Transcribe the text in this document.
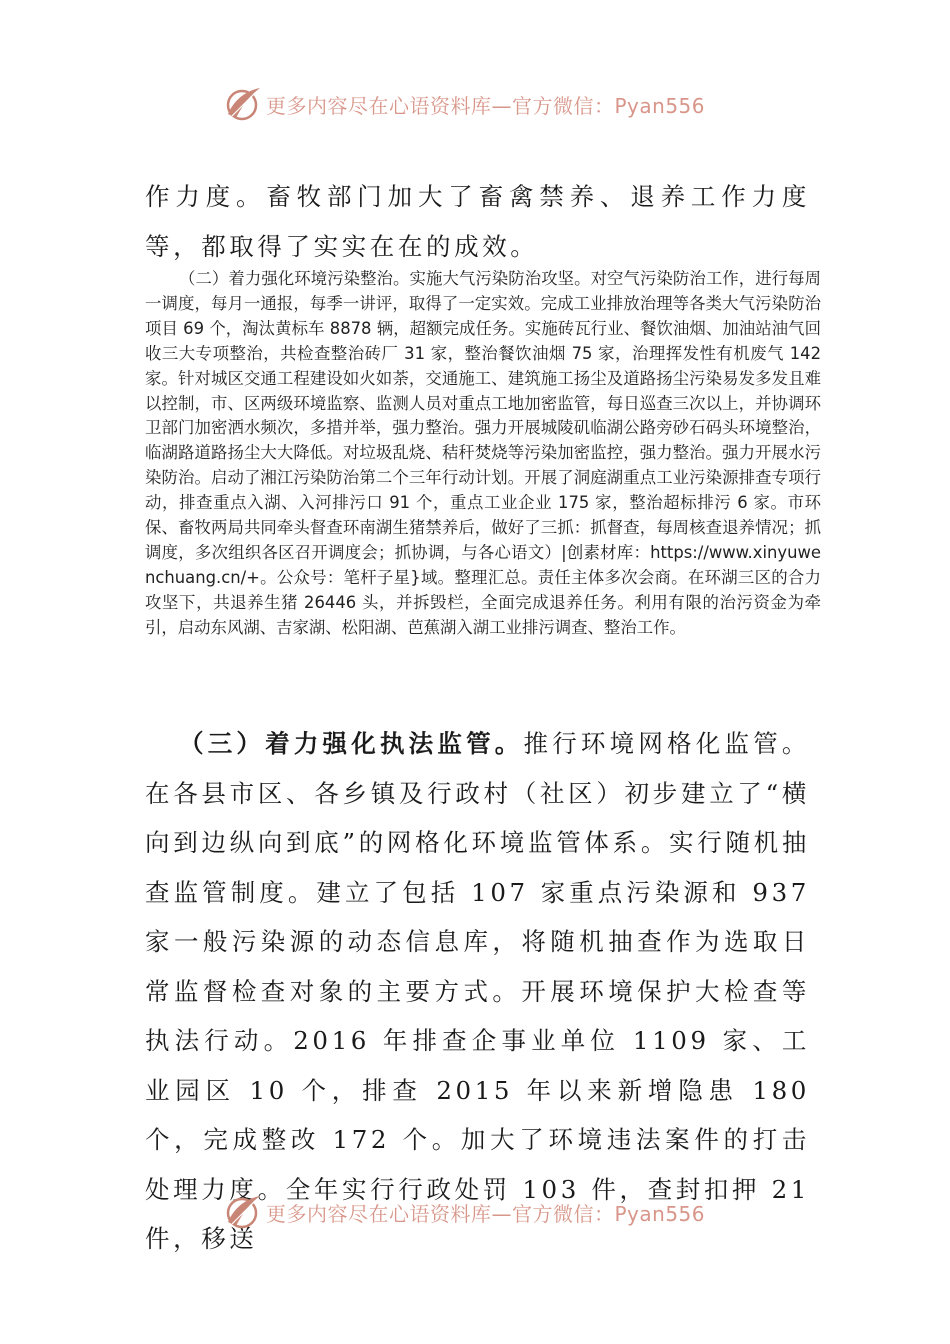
更多内容尽在心语资料库—官方微信：Pyan556

作力度。畜牧部门加大了畜禽禁养、退养工作力度等，都取得了实实在在的成效。

（二）着力强化环境污染整治。实施大气污染防治攻坚。对空气污染防治工作，进行每周一调度，每月一通报，每季一讲评，取得了一定实效。完成工业排放治理等各类大气污染防治项目 69 个，淘汰黄标车 8878 辆，超额完成任务。实施砖瓦行业、餐饮油烟、加油站油气回收三大专项整治，共检查整治砖厂 31 家，整治餐饮油烟 75 家，治理挥发性有机废气 142 家。针对城区交通工程建设如火如荼，交通施工、建筑施工扬尘及道路扬尘污染易发多发且难以控制，市、区两级环境监察、监测人员对重点工地加密监管，每日巡查三次以上，并协调环卫部门加密洒水频次，多措并举，强力整治。强力开展城陵矶临湖公路旁砂石码头环境整治，临湖路道路扬尘大大降低。对垃圾乱烧、秸秆焚烧等污染加密监控，强力整治。强力开展水污染防治。启动了湘江污染防治第二个三年行动计划。开展了洞庭湖重点工业污染源排查专项行动，排查重点入湖、入河排污口 91 个，重点工业企业 175 家，整治超标排污 6 家。市环保、畜牧两局共同牵头督查环南湖生猪禁养后，做好了三抓：抓督查，每周核查退养情况；抓调度，多次组织各区召开调度会；抓协调，与各心语文）|创素材库：https://www.xinyuwenchuang.cn/+。公众号：笔杆子星}域。整理汇总。责任主体多次会商。在环湖三区的合力攻坚下，共退养生猪 26446 头，并拆毁栏，全面完成退养任务。利用有限的治污资金为牵引，启动东风湖、吉家湖、松阳湖、芭蕉湖入湖工业排污调查、整治工作。

（三）着力强化执法监管。推行环境网格化监管。在各县市区、各乡镇及行政村（社区）初步建立了“横向到边纵向到底”的网格化环境监管体系。实行随机抽查监管制度。建立了包括 107 家重点污染源和 937 家一般污染源的动态信息库，将随机抽查作为选取日常监督检查对象的主要方式。开展环境保护大检查等执法行动。2016 年排查企事业单位 1109 家、工业园区 10 个，排查 2015 年以来新增隐患 180 个，完成整改 172 个。加大了环境违法案件的打击处理力度。全年实行行政处罚 103 件，查封扣押 21 件，移送

更多内容尽在心语资料库—官方微信：Pyan556
